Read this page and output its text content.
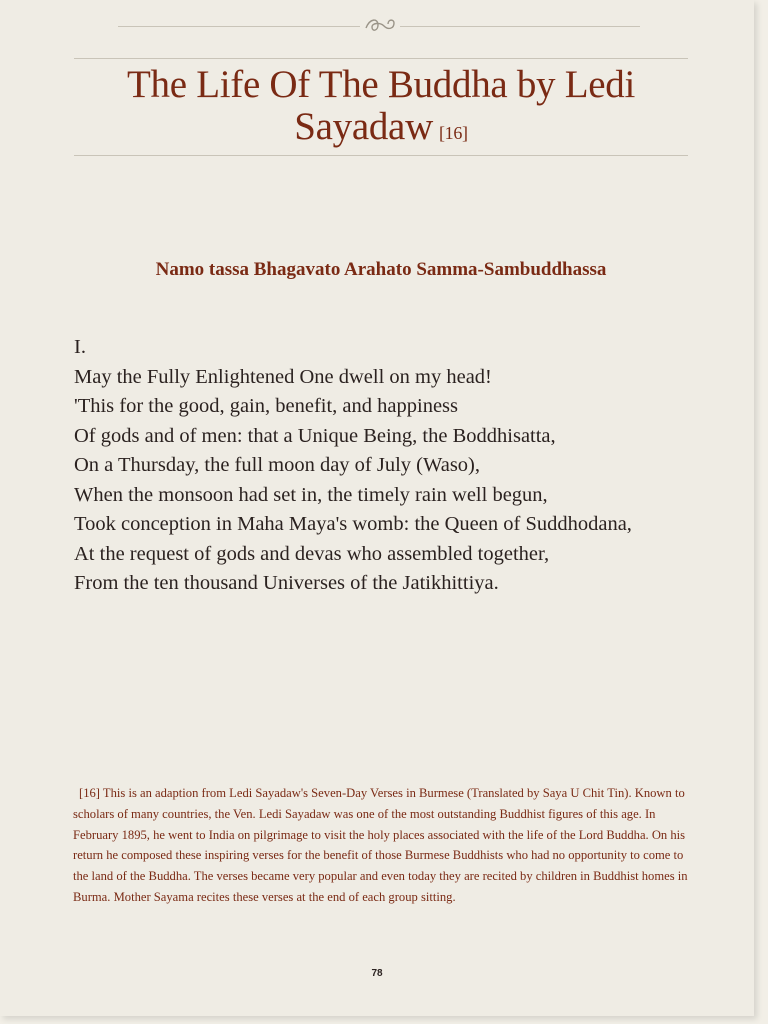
The Life Of The Buddha by Ledi Sayadaw [16]
Namo tassa Bhagavato Arahato Samma-Sambuddhassa
I.
May the Fully Enlightened One dwell on my head!
'This for the good, gain, benefit, and happiness
Of gods and of men: that a Unique Being, the Boddhisatta,
On a Thursday, the full moon day of July (Waso),
When the monsoon had set in, the timely rain well begun,
Took conception in Maha Maya's womb: the Queen of Suddhodana,
At the request of gods and devas who assembled together,
From the ten thousand Universes of the Jatikhittiya.
[16] This is an adaption from Ledi Sayadaw's Seven-Day Verses in Burmese (Translated by Saya U Chit Tin). Known to scholars of many countries, the Ven. Ledi Sayadaw was one of the most outstanding Buddhist figures of this age. In February 1895, he went to India on pilgrimage to visit the holy places associated with the life of the Lord Buddha. On his return he composed these inspiring verses for the benefit of those Burmese Buddhists who had no opportunity to come to the land of the Buddha. The verses became very popular and even today they are recited by children in Buddhist homes in Burma. Mother Sayama recites these verses at the end of each group sitting.
78
